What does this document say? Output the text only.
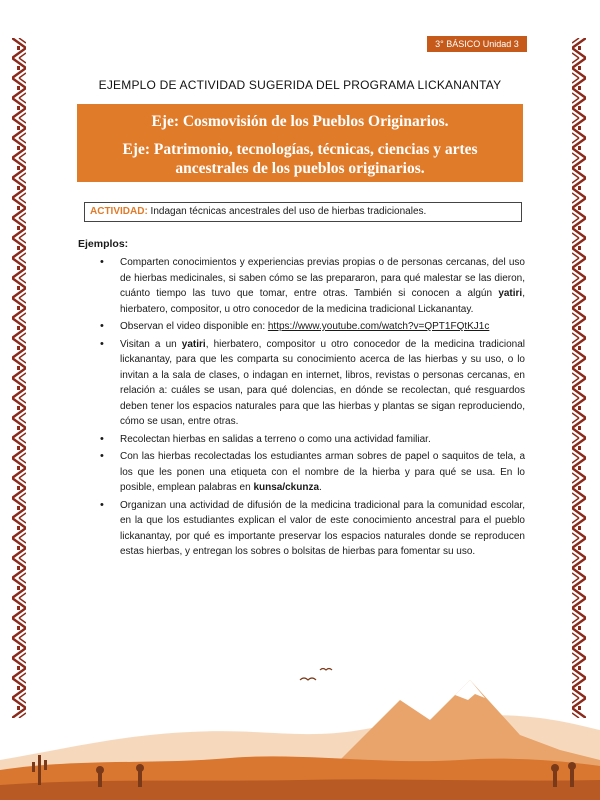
3° BÁSICO Unidad 3
EJEMPLO DE ACTIVIDAD SUGERIDA DEL PROGRAMA LICKANANTAY
Eje: Cosmovisión de los Pueblos Originarios.
Eje: Patrimonio, tecnologías, técnicas, ciencias y artes
ancestrales de los pueblos originarios.
ACTIVIDAD: Indagan técnicas ancestrales del uso de hierbas tradicionales.
Ejemplos:
• Comparten conocimientos y experiencias previas propias o de personas cercanas, del uso de hierbas medicinales, si saben cómo se las prepararon, para qué malestar se las dieron, cuánto tiempo las tuvo que tomar, entre otras. También si conocen a algún yatiri, hierbatero, compositor, u otro conocedor de la medicina tradicional Lickanantay.
• Observan el video disponible en: https://www.youtube.com/watch?v=QPT1FQtKJ1c
• Visitan a un yatiri, hierbatero, compositor u otro conocedor de la medicina tradicional lickanantay, para que les comparta su conocimiento acerca de las hierbas y su uso, o lo invitan a la sala de clases, o indagan en internet, libros, revistas o personas cercanas, en relación a: cuáles se usan, para qué dolencias, en dónde se recolectan, qué resguardos deben tener los espacios naturales para que las hierbas y plantas se sigan reproduciendo, cómo se usan, entre otras.
• Recolectan hierbas en salidas a terreno o como una actividad familiar.
• Con las hierbas recolectadas los estudiantes arman sobres de papel o saquitos de tela, a los que les ponen una etiqueta con el nombre de la hierba y para qué se usa. En lo posible, emplean palabras en kunsa/ckunza.
• Organizan una actividad de difusión de la medicina tradicional para la comunidad escolar, en la que los estudiantes explican el valor de este conocimiento ancestral para el pueblo lickanantay, por qué es importante preservar los espacios naturales donde se reproducen estas hierbas, y entregan los sobres o bolsitas de hierbas para fomentar su uso.
